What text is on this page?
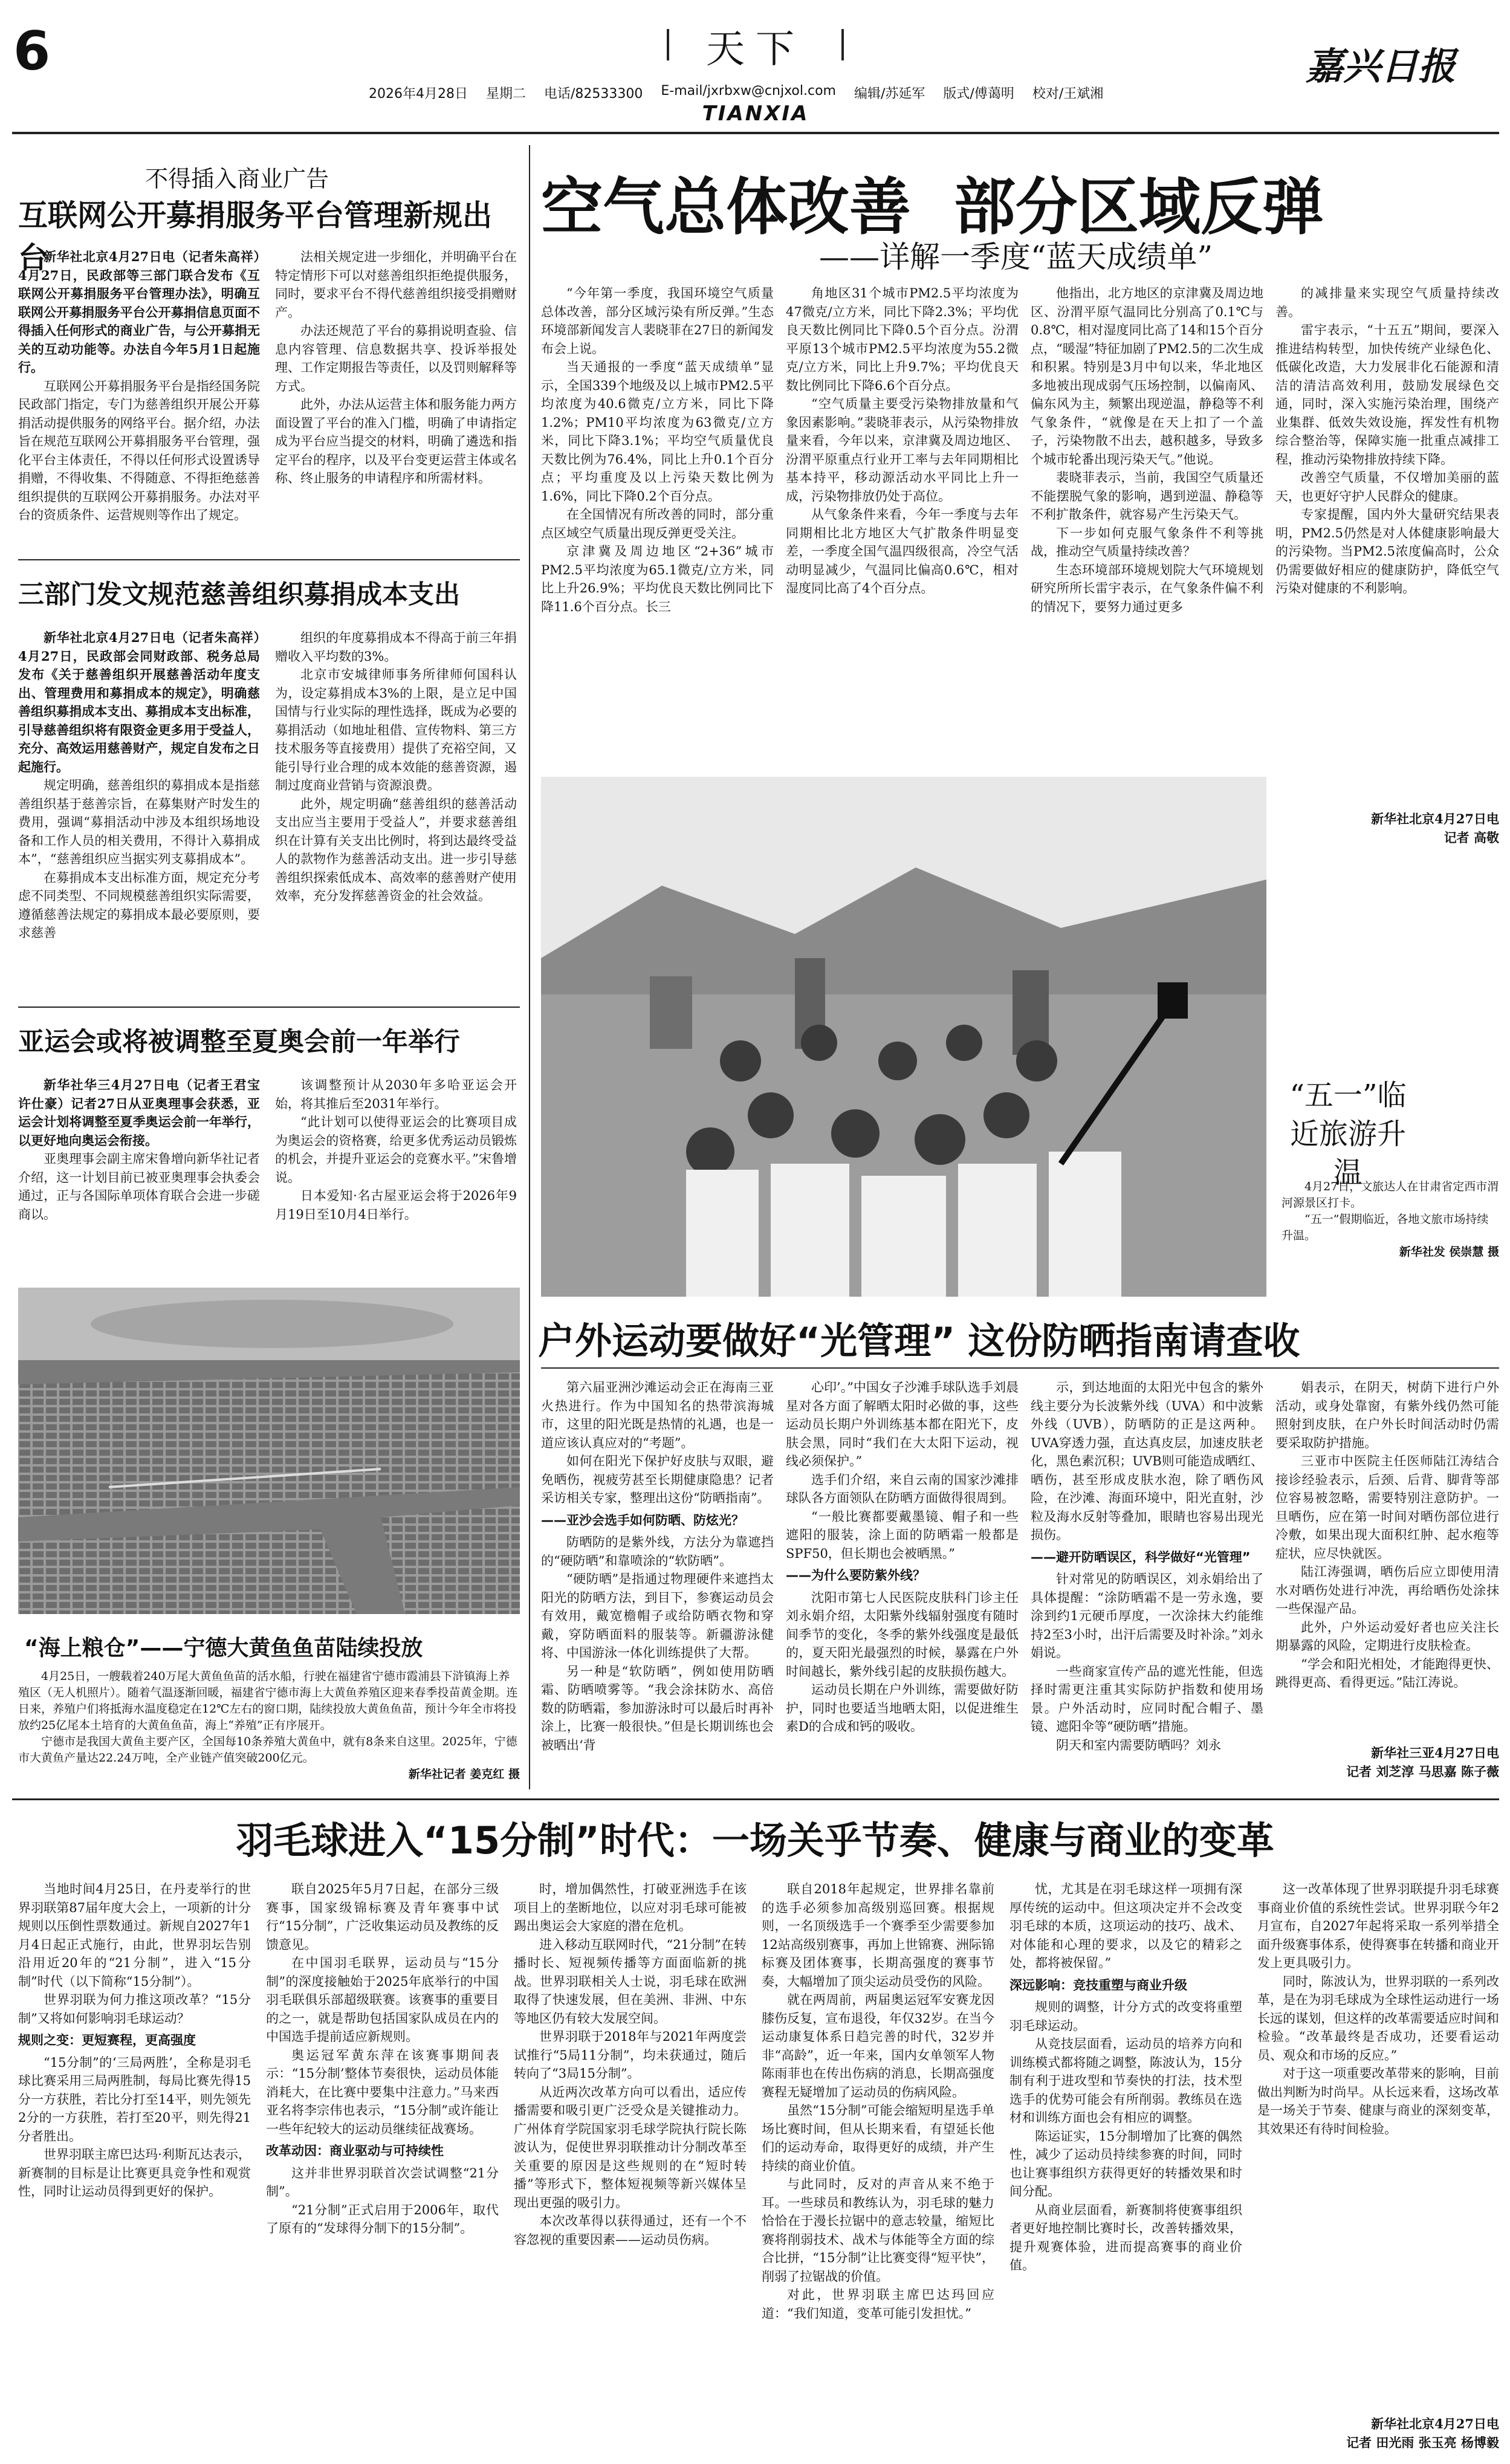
6	天下
TIANXIA
嘉兴日报
2026年4月28日 星期二 电话/82533300 E-mail/jxrbxw@cnjxol.com 编辑/苏延军 版式/傅蔼明 校对/王斌湘
不得插入商业广告
互联网公开募捐服务平台管理新规出台

新华社北京4月27日电（记者朱高祥）4月27日，民政部等三部门联合发布《互联网公开募捐服务平台管理办法》，明确互联网公开募捐服务平台公开募捐信息页面不得插入任何形式的商业广告，与公开募捐无关的互动功能等。办法自今年5月1日起施行。

互联网公开募捐服务平台是指经国务院民政部门指定，专门为慈善组织开展公开募捐活动提供服务的网络平台。据介绍，办法旨在规范互联网公开募捐服务平台管理，强化平台主体责任，不得以任何形式设置诱导捐赠，不得收集、不得随意、不得拒绝慈善组织提供的互联网公开募捐服务。办法对平台的资质条件、运营规则等作出了规定。

法相关规定进一步细化，并明确平台在特定情形下可以对慈善组织拒绝提供服务，同时，要求平台不得代慈善组织接受捐赠财产。

办法还规范了平台的募捐说明查验、信息内容管理、信息数据共享、投诉举报处理、工作定期报告等责任，以及罚则解释等方式。

此外，办法从运营主体和服务能力两方面设置了平台的准入门槛，明确了申请指定成为平台应当提交的材料，明确了遴选和指定平台的程序，以及平台变更运营主体或名称、终止服务的申请程序和所需材料。

三部门发文规范慈善组织募捐成本支出

新华社北京4月27日电（记者朱高祥）4月27日，民政部会同财政部、税务总局发布《关于慈善组织开展慈善活动年度支出、管理费用和募捐成本的规定》，明确慈善组织募捐成本支出、募捐成本支出标准，引导慈善组织将有限资金更多用于受益人，充分、高效运用慈善财产，规定自发布之日起施行。

规定明确，慈善组织的募捐成本是指慈善组织基于慈善宗旨，在募集财产时发生的费用，强调“募捐活动中涉及本组织场地设备和工作人员的相关费用，不得计入募捐成本”，“慈善组织应当据实列支募捐成本”。

在募捐成本支出标准方面，规定充分考虑不同类型、不同规模慈善组织实际需要，遵循慈善法规定的募捐成本最必要原则，要求慈善

组织的年度募捐成本不得高于前三年捐赠收入平均数的3%。

北京市安城律师事务所律师何国科认为，设定募捐成本3%的上限，是立足中国国情与行业实际的理性选择，既成为必要的募捐活动（如地址租借、宣传物料、第三方技术服务等直接费用）提供了充裕空间，又能引导行业合理的成本效能的慈善资源，遏制过度商业营销与资源浪费。

此外，规定明确“慈善组织的慈善活动支出应当主要用于受益人”，并要求慈善组织在计算有关支出比例时，将到达最终受益人的款物作为慈善活动支出。进一步引导慈善组织探索低成本、高效率的慈善财产使用效率，充分发挥慈善资金的社会效益。

亚运会或将被调整至夏奥会前一年举行

新华社华三4月27日电（记者王君宝 许仕豪）记者27日从亚奥理事会获悉，亚运会计划将调整至夏季奥运会前一年举行，以更好地向奥运会衔接。

亚奥理事会副主席宋鲁增向新华社记者介绍，这一计划目前已被亚奥理事会执委会通过，正与各国际单项体育联合会进一步磋商以。

该调整预计从2030年多哈亚运会开始，将其推后至2031年举行。

“此计划可以使得亚运会的比赛项目成为奥运会的资格赛，给更多优秀运动员锻炼的机会，并提升亚运会的竞赛水平。”宋鲁增说。

日本爱知·名古屋亚运会将于2026年9月19日至10月4日举行。

“海上粮仓”——宁德大黄鱼鱼苗陆续投放

4月25日，一艘载着240万尾大黄鱼鱼苗的活水船，行驶在福建省宁德市霞浦县下浒镇海上养殖区（无人机照片）。随着气温逐渐回暖，福建省宁德市海上大黄鱼养殖区迎来春季投苗黄金期。连日来，养殖户们将抵海水温度稳定在12℃左右的窗口期，陆续投放大黄鱼鱼苗，预计今年全市将投放约25亿尾本土培育的大黄鱼鱼苗，海上“养殖”正有序展开。

宁德市是我国大黄鱼主要产区，全国每10条养殖大黄鱼中，就有8条来自这里。2025年，宁德市大黄鱼产量达22.24万吨，全产业链产值突破200亿元。

新华社记者 姜克红 摄
空气总体改善  部分区域反弹
——详解一季度“蓝天成绩单”

“今年第一季度，我国环境空气质量总体改善，部分区域污染有所反弹。”生态环境部新闻发言人裴晓菲在27日的新闻发布会上说。

当天通报的一季度“蓝天成绩单”显示，全国339个地级及以上城市PM2.5平均浓度为40.6微克/立方米，同比下降1.2%；PM10平均浓度为63微克/立方米，同比下降3.1%；平均空气质量优良天数比例为76.4%，同比上升0.1个百分点；平均重度及以上污染天数比例为1.6%，同比下降0.2个百分点。

在全国情况有所改善的同时，部分重点区域空气质量出现反弹更受关注。

京津冀及周边地区“2+36”城市PM2.5平均浓度为65.1微克/立方米，同比上升26.9%；平均优良天数比例同比下降11.6个百分点。长三

角地区31个城市PM2.5平均浓度为47微克/立方米，同比下降2.3%；平均优良天数比例同比下降0.5个百分点。汾渭平原13个城市PM2.5平均浓度为55.2微克/立方米，同比上升9.7%；平均优良天数比例同比下降6.6个百分点。

“空气质量主要受污染物排放量和气象因素影响。”裴晓菲表示，从污染物排放量来看，今年以来，京津冀及周边地区、汾渭平原重点行业开工率与去年同期相比基本持平，移动源活动水平同比上升一成，污染物排放仍处于高位。

从气象条件来看，今年一季度与去年同期相比北方地区大气扩散条件明显变差，一季度全国气温四级很高，冷空气活动明显减少，气温同比偏高0.6℃，相对湿度同比高了4个百分点。

他指出，北方地区的京津冀及周边地区、汾渭平原气温同比分别高了0.1℃与0.8℃，相对湿度同比高了14和15个百分点，“暖湿”特征加剧了PM2.5的二次生成和积累。特别是3月中旬以来，华北地区多地被出现成弱气压场控制，以偏南风、偏东风为主，频繁出现逆温，静稳等不利气象条件，“就像是在天上扣了一个盖子，污染物散不出去，越积越多，导致多个城市轮番出现污染天气。”他说。

裴晓菲表示，当前，我国空气质量还不能摆脱气象的影响，遇到逆温、静稳等不利扩散条件，就容易产生污染天气。

下一步如何克服气象条件不利等挑战，推动空气质量持续改善？

生态环境部环境规划院大气环境规划研究所所长雷宇表示，在气象条件偏不利的情况下，要努力通过更多

的减排量来实现空气质量持续改善。

雷宇表示，“十五五”期间，要深入推进结构转型，加快传统产业绿色化、低碳化改造，大力发展非化石能源和清洁的清洁高效利用，鼓励发展绿色交通，同时，深入实施污染治理，围绕产业集群、低效失效设施，挥发性有机物综合整治等，保障实施一批重点减排工程，推动污染物排放持续下降。

改善空气质量，不仅增加美丽的蓝天，也更好守护人民群众的健康。

专家提醒，国内外大量研究结果表明，PM2.5仍然是对人体健康影响最大的污染物。当PM2.5浓度偏高时，公众仍需要做好相应的健康防护，降低空气污染对健康的不利影响。

新华社北京4月27日电
记者 高敬
“五一”临近旅游升温

4月27日，文旅达人在甘肃省定西市渭河源景区打卡。

“五一”假期临近，各地文旅市场持续升温。

新华社发 侯崇慧 摄
户外运动要做好“光管理” 这份防晒指南请查收

第六届亚洲沙滩运动会正在海南三亚火热进行。作为中国知名的热带滨海城市，这里的阳光既是热情的礼遇，也是一道应该认真应对的“考题”。

如何在阳光下保护好皮肤与双眼，避免晒伤，视疲劳甚至长期健康隐患？记者采访相关专家，整理出这份“防晒指南”。

——亚沙会选手如何防晒、防炫光？

防晒防的是紫外线，方法分为靠遮挡的“硬防晒”和靠喷涂的“软防晒”。

“硬防晒”是指通过物理硬件来遮挡太阳光的防晒方法，到目下，参赛运动员会有效用，戴宽檐帽子或给防晒衣物和穿戴，穿防晒面料的服装等。新疆游泳健将、中国游泳一体化训练提供了大帮。

另一种是“软防晒”，例如使用防晒霜、防晒喷雾等。“我会涂抹防水、高倍数的防晒霜，参加游泳时可以最后时再补涂上，比赛一般很快。”但是长期训练也会被晒出‘背

心印’。”中国女子沙滩手球队选手刘晨星对各方面了解晒太阳时必做的事，这些运动员长期户外训练基本都在阳光下，皮肤会黑，同时“我们在大太阳下运动，视线必须保护。”

选手们介绍，来自云南的国家沙滩排球队各方面领队在防晒方面做得很周到。

“一般比赛都要戴墨镜、帽子和一些遮阳的服装，涂上面的防晒霜一般都是SPF50，但长期也会被晒黑。”

——为什么要防紫外线？

沈阳市第七人民医院皮肤科门诊主任刘永娟介绍，太阳紫外线辐射强度有随时间季节的变化，冬季的紫外线强度是最低的，夏天阳光最强烈的时候，暴露在户外时间越长，紫外线引起的皮肤损伤越大。

运动员长期在户外训练，需要做好防护，同时也要适当地晒太阳，以促进维生素D的合成和钙的吸收。

示，到达地面的太阳光中包含的紫外线主要分为长波紫外线（UVA）和中波紫外线（UVB），防晒防的正是这两种。UVA穿透力强，直达真皮层，加速皮肤老化，黑色素沉积；UVB则可能造成晒红、晒伤，甚至形成皮肤水泡，除了晒伤风险，在沙滩、海面环境中，阳光直射，沙粒及海水反射等叠加，眼睛也容易出现光损伤。

——避开防晒误区，科学做好“光管理”

针对常见的防晒误区，刘永娟给出了具体提醒：“涂防晒霜不是一劳永逸，要涂到约1元硬币厚度，一次涂抹大约能维持2至3小时，出汗后需要及时补涂。”刘永娟说。

一些商家宣传产品的遮光性能，但选择时需更注重其实际防护指数和使用场景。户外活动时，应同时配合帽子、墨镜、遮阳伞等“硬防晒”措施。

阴天和室内需要防晒吗？刘永

娟表示，在阴天，树荫下进行户外活动，或身处靠窗，有紫外线仍然可能照射到皮肤，在户外长时间活动时仍需要采取防护措施。

三亚市中医院主任医师陆江涛结合接诊经验表示，后颈、后背、脚背等部位容易被忽略，需要特别注意防护。一旦晒伤，应在第一时间对晒伤部位进行冷敷，如果出现大面积红肿、起水疱等症状，应尽快就医。

陆江涛强调，晒伤后应立即使用清水对晒伤处进行冲洗，再给晒伤处涂抹一些保湿产品。

此外，户外运动爱好者也应关注长期暴露的风险，定期进行皮肤检查。

“学会和阳光相处，才能跑得更快、跳得更高、看得更远。”陆江涛说。

新华社三亚4月27日电
记者 刘芝淳 马思嘉 陈子薇
羽毛球进入“15分制”时代：一场关乎节奏、健康与商业的变革

当地时间4月25日，在丹麦举行的世界羽联第87届年度大会上，一项新的计分规则以压倒性票数通过。新规自2027年1月4日起正式施行，由此，世界羽坛告别沿用近20年的“21分制”，进入“15分制”时代（以下简称“15分制”）。

世界羽联为何力推这项改革？“15分制”又将如何影响羽毛球运动？

规则之变：更短赛程，更高强度

“15分制”的‘三局两胜’，全称是羽毛球比赛采用三局两胜制，每局比赛先得15分一方获胜，若比分打至14平，则先领先2分的一方获胜，若打至20平，则先得21分者胜出。

世界羽联主席巴达玛·利斯瓦达表示，新赛制的目标是让比赛更具竞争性和观赏性，同时让运动员得到更好的保护。

联自2025年5月7日起，在部分三级赛事，国家级锦标赛及青年赛事中试行“15分制”，广泛收集运动员及教练的反馈意见。

在中国羽毛联界，运动员与“15分制”的深度接触始于2025年底举行的中国羽毛联俱乐部超级联赛。该赛事的重要目的之一，就是帮助包括国家队成员在内的中国选手提前适应新规则。

奥运冠军黄东萍在该赛事期间表示：“15分制’整体节奏很快，运动员体能消耗大，在比赛中要集中注意力。”马来西亚名将李宗伟也表示，“15分制”或许能让一些年纪较大的运动员继续征战赛场。

改革动因：商业驱动与可持续性

这并非世界羽联首次尝试调整“21分制”。

“21分制”正式启用于2006年，取代了原有的“发球得分制下的15分制”。

时，增加偶然性，打破亚洲选手在该项目上的垄断地位，以应对羽毛球可能被踢出奥运会大家庭的潜在危机。

进入移动互联网时代，“21分制”在转播时长、短视频传播等方面面临新的挑战。世界羽联相关人士说，羽毛球在欧洲取得了快速发展，但在美洲、非洲、中东等地区仍有较大发展空间。

世界羽联于2018年与2021年两度尝试推行“5局11分制”，均未获通过，随后转向了“3局15分制”。

从近两次改革方向可以看出，适应传播需要和吸引更广泛受众是关键推动力。广州体育学院国家羽毛球学院执行院长陈波认为，促使世界羽联推动计分制改革至关重要的原因是这些规则的在“短时转播”等形式下，整体短视频等新兴媒体呈现出更强的吸引力。

本次改革得以获得通过，还有一个不容忽视的重要因素——运动员伤病。

联自2018年起规定，世界排名靠前的选手必须参加高级别巡回赛。根据规则，一名顶级选手一个赛季至少需要参加12站高级别赛事，再加上世锦赛、洲际锦标赛及团体赛事，长期高强度的赛事节奏，大幅增加了顶尖运动员受伤的风险。

就在两周前，两届奥运冠军安赛龙因膝伤反复，宣布退役，年仅32岁。在当今运动康复体系日趋完善的时代，32岁并非“高龄”，近一年来，国内女单领军人物陈雨菲也在传出伤病的消息，长期高强度赛程无疑增加了运动员的伤病风险。

虽然“15分制”可能会缩短明星选手单场比赛时间，但从长期来看，有望延长他们的运动寿命，取得更好的成绩，并产生持续的商业价值。

与此同时，反对的声音从来不绝于耳。一些球员和教练认为，羽毛球的魅力恰恰在于漫长拉锯中的意志较量，缩短比赛将削弱技术、战术与体能等全方面的综合比拼，“15分制”让比赛变得“短平快”，削弱了拉锯战的价值。

对此，世界羽联主席巴达玛回应道：“我们知道，变革可能引发担忧。”

忧，尤其是在羽毛球这样一项拥有深厚传统的运动中。但这项决定并不会改变羽毛球的本质，这项运动的技巧、战术、对体能和心理的要求，以及它的精彩之处，都将被保留。”

深远影响：竞技重塑与商业升级

规则的调整，计分方式的改变将重塑羽毛球运动。

从竞技层面看，运动员的培养方向和训练模式都将随之调整，陈波认为，15分制有利于进攻型和节奏快的打法，技术型选手的优势可能会有所削弱。教练员在选材和训练方面也会有相应的调整。

陈运证实，15分制增加了比赛的偶然性，减少了运动员持续参赛的时间，同时也让赛事组织方获得更好的转播效果和时间分配。

从商业层面看，新赛制将使赛事组织者更好地控制比赛时长，改善转播效果，提升观赛体验，进而提高赛事的商业价值。

这一改革体现了世界羽联提升羽毛球赛事商业价值的系统性尝试。世界羽联今年2月宣布，自2027年起将采取一系列举措全面升级赛事体系，使得赛事在转播和商业开发上更具吸引力。

同时，陈波认为，世界羽联的一系列改革，是在为羽毛球成为全球性运动进行一场长远的谋划，但这样的改革需要适应时间和检验。“改革最终是否成功，还要看运动员、观众和市场的反应。”

对于这一项重要改革带来的影响，目前做出判断为时尚早。从长远来看，这场改革是一场关于节奏、健康与商业的深刻变革，其效果还有待时间检验。

新华社北京4月27日电
记者 田光雨 张玉亮 杨博毅
